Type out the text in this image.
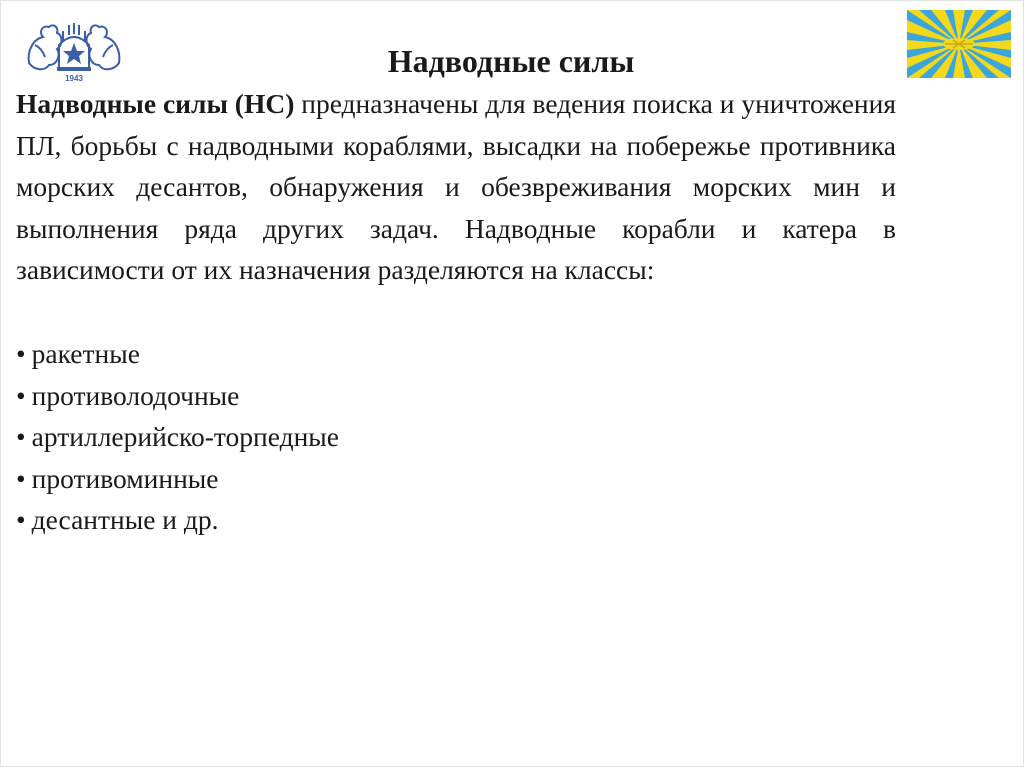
1943	Надводные силы

Надводные силы (НС) предназначены для ведения поиска и уничтожения ПЛ, борьбы с надводными кораблями, высадки на побережье противника морских десантов, обнаружения и обезвреживания морских мин и выполнения ряда других задач. Надводные корабли и катера в зависимости от их назначения разделяются на классы:

• ракетные
• противолодочные
• артиллерийско-торпедные
• противоминные
• десантные и др.
